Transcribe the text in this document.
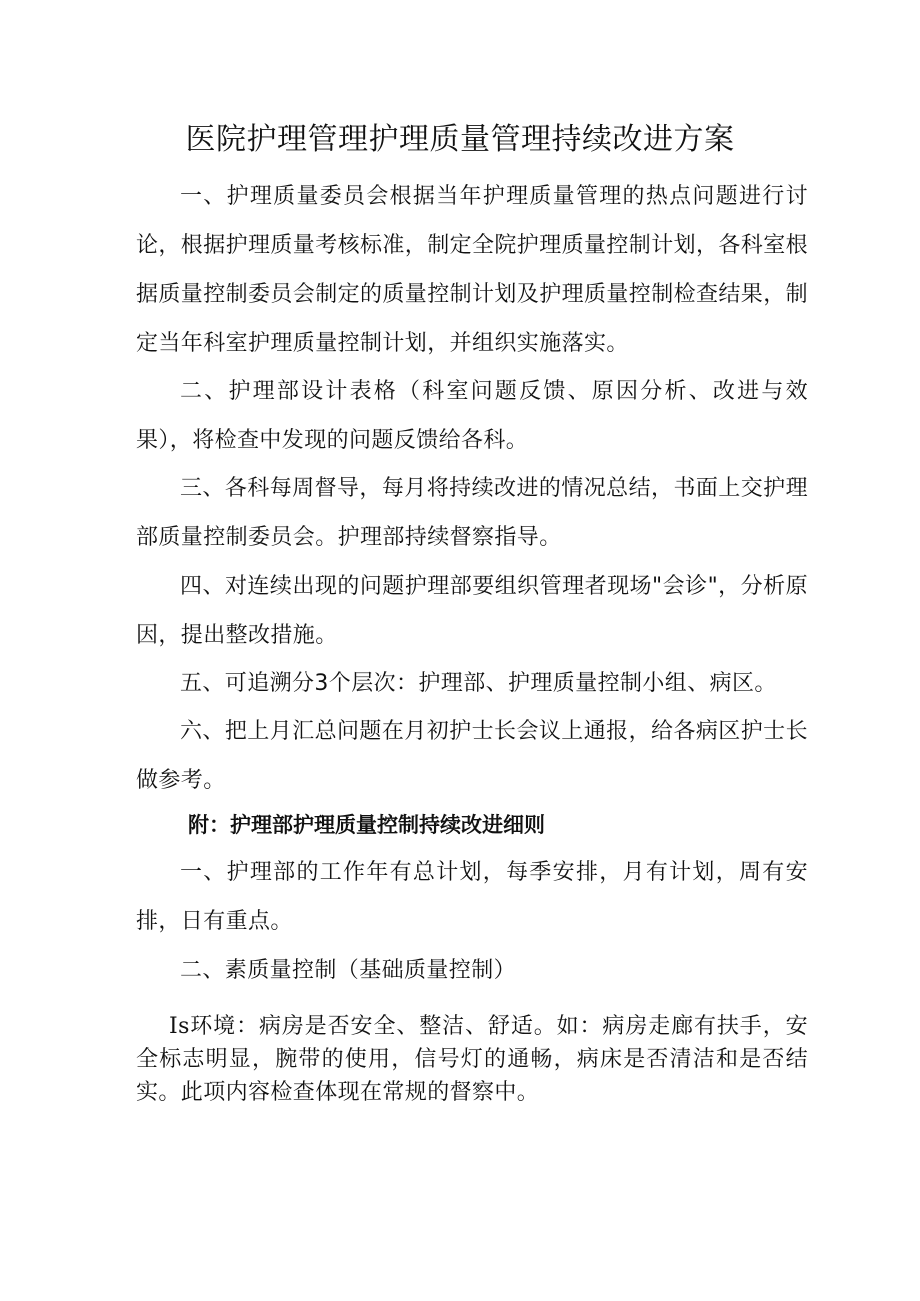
医院护理管理护理质量管理持续改进方案

一、护理质量委员会根据当年护理质量管理的热点问题进行讨论，根据护理质量考核标准，制定全院护理质量控制计划，各科室根据质量控制委员会制定的质量控制计划及护理质量控制检查结果，制定当年科室护理质量控制计划，并组织实施落实。

二、护理部设计表格（科室问题反馈、原因分析、改进与效果），将检查中发现的问题反馈给各科。

三、各科每周督导，每月将持续改进的情况总结，书面上交护理部质量控制委员会。护理部持续督察指导。

四、对连续出现的问题护理部要组织管理者现场"会诊"，分析原因，提出整改措施。

五、可追溯分3个层次：护理部、护理质量控制小组、病区。

六、把上月汇总问题在月初护士长会议上通报，给各病区护士长做参考。

附：护理部护理质量控制持续改进细则

一、护理部的工作年有总计划，每季安排，月有计划，周有安排，日有重点。

二、素质量控制（基础质量控制）

Is环境：病房是否安全、整洁、舒适。如：病房走廊有扶手，安全标志明显，腕带的使用，信号灯的通畅，病床是否清洁和是否结实。此项内容检查体现在常规的督察中。
